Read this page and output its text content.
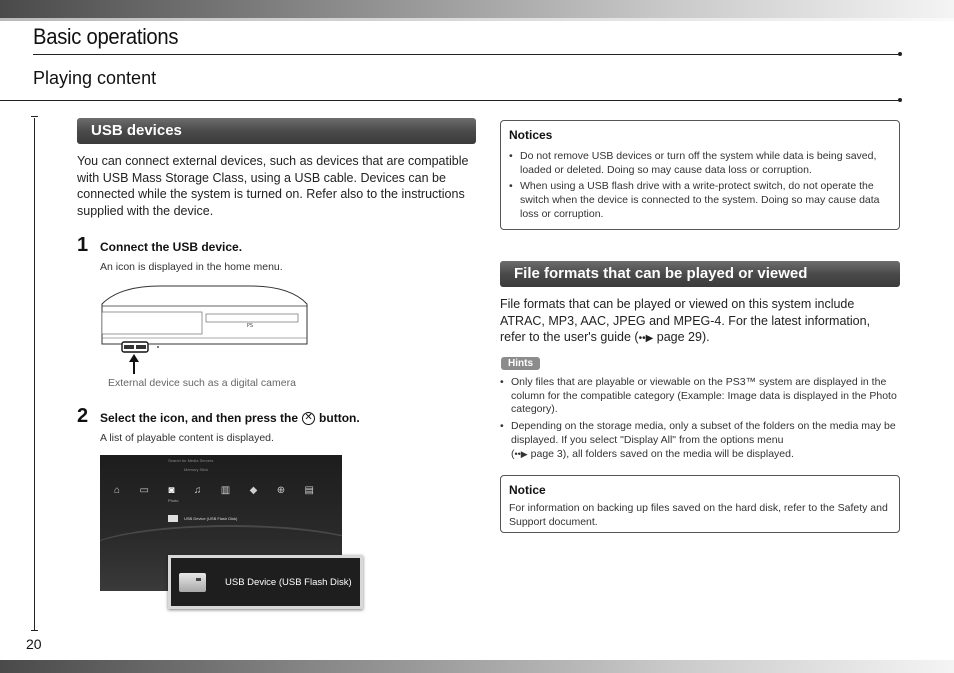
Basic operations
Playing content
USB devices
You can connect external devices, such as devices that are compatible with USB Mass Storage Class, using a USB cable. Devices can be connected while the system is turned on. Refer also to the instructions supplied with the device.
1 Connect the USB device.
An icon is displayed in the home menu.
PS
External device such as a digital camera
2 Select the icon, and then press the ✕ button.
A list of playable content is displayed.
Search for Media Servers
Memory Stick
⌂ ▭ ◙ ♫ ▥ ◆ ⊕ ▤
Photo
USB Device (USB Flash Disk)
USB Device (USB Flash Disk)
Notices
• Do not remove USB devices or turn off the system while data is being saved, loaded or deleted. Doing so may cause data loss or corruption.
• When using a USB flash drive with a write-protect switch, do not operate the switch when the device is connected to the system. Doing so may cause data loss or corruption.
File formats that can be played or viewed
File formats that can be played or viewed on this system include ATRAC, MP3, AAC, JPEG and MPEG-4. For the latest information, refer to the user's guide (••▶ page 29).
Hints
• Only files that are playable or viewable on the PS3™ system are displayed in the column for the compatible category (Example: Image data is displayed in the Photo category).
• Depending on the storage media, only a subset of the folders on the media may be displayed. If you select "Display All" from the options menu
(••▶ page 3), all folders saved on the media will be displayed.
Notice
For information on backing up files saved on the hard disk, refer to the Safety and Support document.
20
